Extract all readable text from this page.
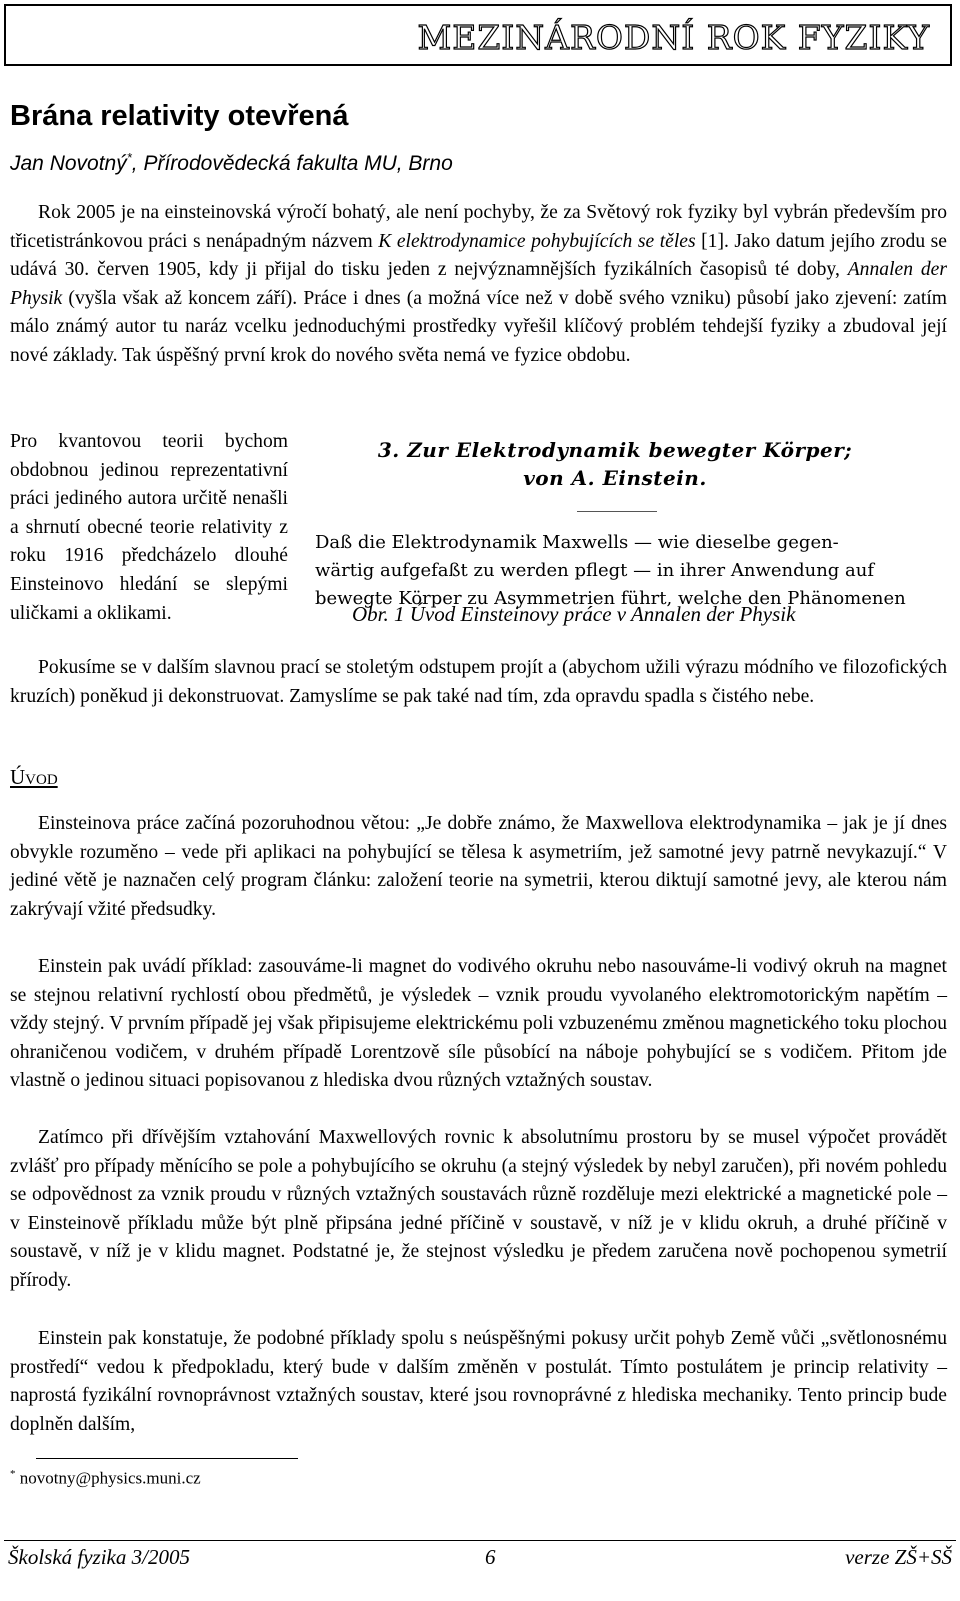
MEZINÁRODNÍ ROK FYZIKY
Brána relativity otevřená
Jan Novotný*, Přírodovědecká fakulta MU, Brno

Rok 2005 je na einsteinovská výročí bohatý, ale není pochyby, že za Světový rok fyziky byl vybrán především pro třicetistránkovou práci s nenápadným názvem K elektrodynamice pohybujících se těles [1]. Jako datum jejího zrodu se udává 30. červen 1905, kdy ji přijal do tisku jeden z nejvýznamnějších fyzikálních časopisů té doby, Annalen der Physik (vyšla však až koncem září). Práce i dnes (a možná více než v době svého vzniku) působí jako zjevení: zatím málo známý autor tu naráz vcelku jednoduchými prostředky vyřešil klíčový problém tehdejší fyziky a zbudoval její nové základy. Tak úspěšný první krok do nového světa nemá ve fyzice obdobu.

Pro kvantovou teorii bychom obdobnou jedinou reprezentativní práci jediného autora určitě nenašli a shrnutí obecné teorie relativity z roku 1916 předcházelo dlouhé Einsteinovo hledání se slepými uličkami a oklikami.

3. Zur Elektrodynamik bewegter Körper;
von A. Einstein.
Daß die Elektrodynamik Maxwells — wie dieselbe gegen-
wärtig aufgefaßt zu werden pflegt — in ihrer Anwendung auf
bewegte Körper zu Asymmetrien führt, welche den Phänomenen
Obr. 1 Úvod Einsteinovy práce v Annalen der Physik

Pokusíme se v dalším slavnou prací se stoletým odstupem projít a (abychom užili výrazu módního ve filozofických kruzích) poněkud ji dekonstruovat. Zamyslíme se pak také nad tím, zda opravdu spadla s čistého nebe.

Úvod

Einsteinova práce začíná pozoruhodnou větou: „Je dobře známo, že Maxwellova elektrodynamika – jak je jí dnes obvykle rozuměno – vede při aplikaci na pohybující se tělesa k asymetriím, jež samotné jevy patrně nevykazují.“ V jediné větě je naznačen celý program článku: založení teorie na symetrii, kterou diktují samotné jevy, ale kterou nám zakrývají vžité předsudky.

Einstein pak uvádí příklad: zasouváme-li magnet do vodivého okruhu nebo nasouváme-li vodivý okruh na magnet se stejnou relativní rychlostí obou předmětů, je výsledek – vznik proudu vyvolaného elektromotorickým napětím – vždy stejný. V prvním případě jej však připisujeme elektrickému poli vzbuzenému změnou magnetického toku plochou ohraničenou vodičem, v druhém případě Lorentzově síle působící na náboje pohybující se s vodičem. Přitom jde vlastně o jedinou situaci popisovanou z hlediska dvou různých vztažných soustav.

Zatímco při dřívějším vztahování Maxwellových rovnic k absolutnímu prostoru by se musel výpočet provádět zvlášť pro případy měnícího se pole a pohybujícího se okruhu (a stejný výsledek by nebyl zaručen), při novém pohledu se odpovědnost za vznik proudu v různých vztažných soustavách různě rozděluje mezi elektrické a magnetické pole – v Einsteinově příkladu může být plně připsána jedné příčině v soustavě, v níž je v klidu okruh, a druhé příčině v soustavě, v níž je v klidu magnet. Podstatné je, že stejnost výsledku je předem zaručena nově pochopenou symetrií přírody.

Einstein pak konstatuje, že podobné příklady spolu s neúspěšnými pokusy určit pohyb Země vůči „světlonosnému prostředí“ vedou k předpokladu, který bude v dalším změněn v postulát. Tímto postulátem je princip relativity – naprostá fyzikální rovnoprávnost vztažných soustav, které jsou rovnoprávné z hlediska mechaniky. Tento princip bude doplněn dalším,

* novotny@physics.muni.cz
Školská fyzika 3/2005	6	verze ZŠ+SŠ
